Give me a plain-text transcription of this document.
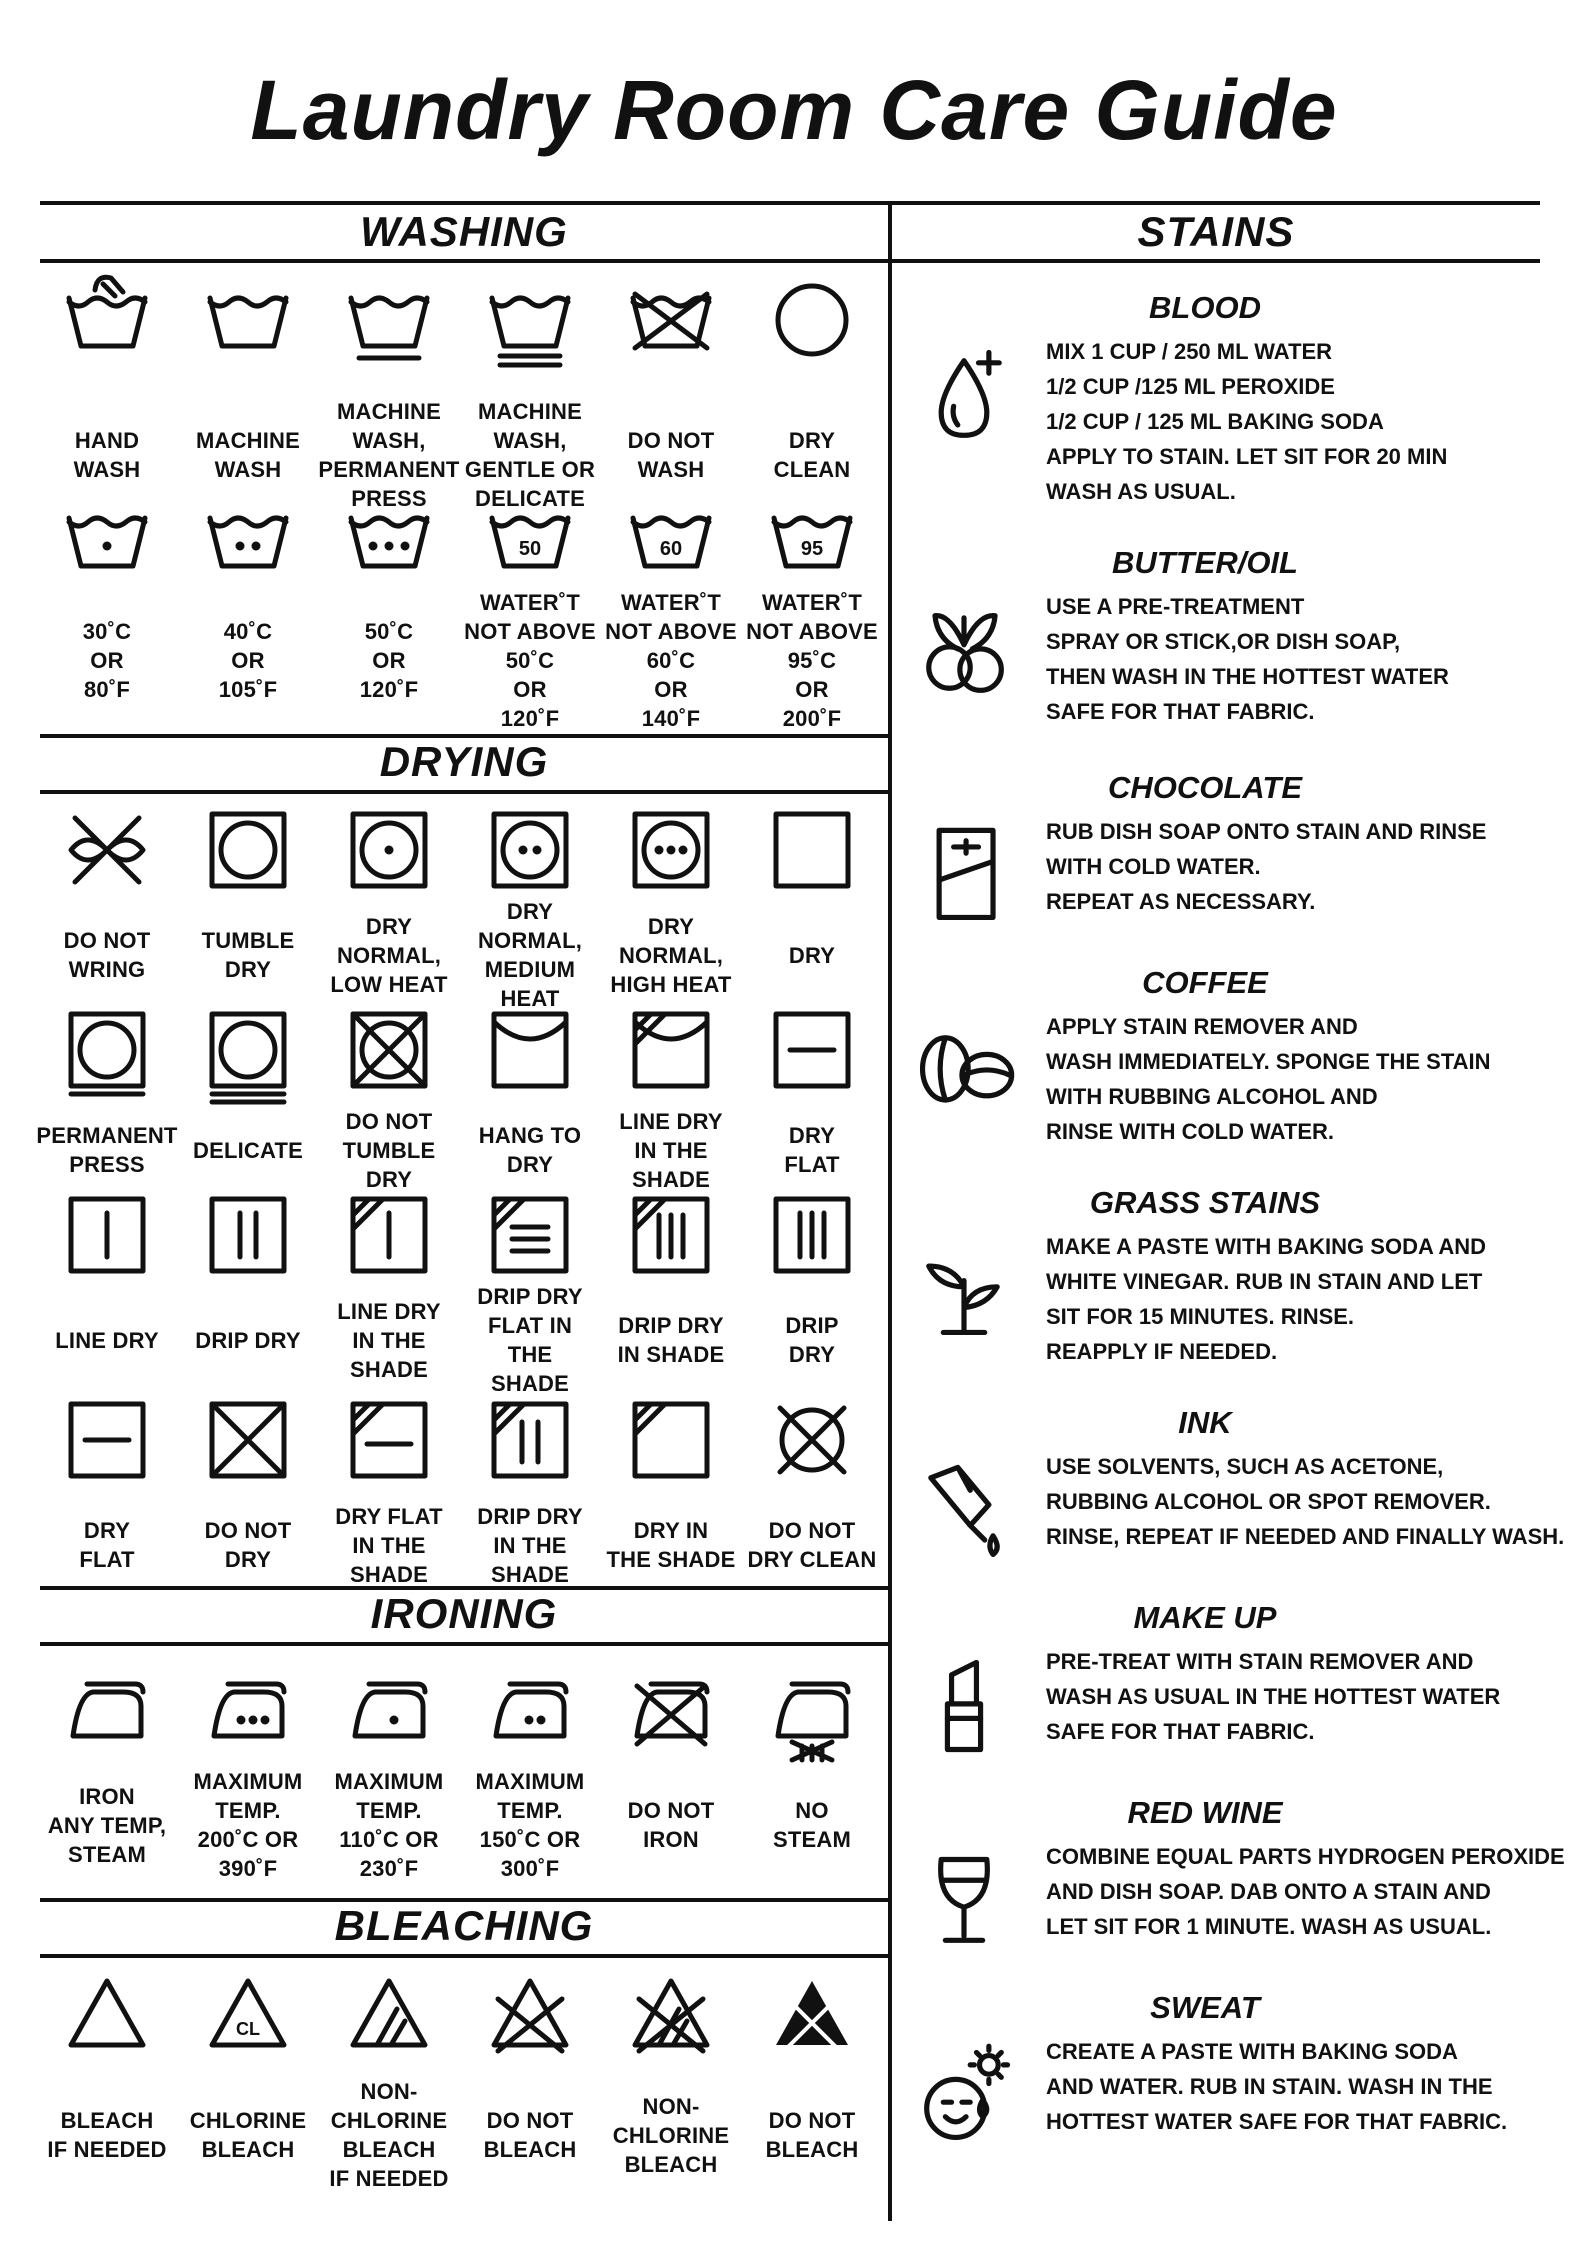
Laundry Room Care Guide
WASHING	STAINS
DRYING
IRONING
BLEACHING
HAND
WASH
MACHINE
WASH
MACHINE
WASH,
PERMANENT
PRESS
MACHINE
WASH,
GENTLE OR
DELICATE
DO NOT
WASH
DRY
CLEAN
30˚C
OR
80˚F
40˚C
OR
105˚F
50˚C
OR
120˚F
50
WATER˚T
NOT ABOVE
50˚C
OR
120˚F
60
WATER˚T
NOT ABOVE
60˚C
OR
140˚F
95
WATER˚T
NOT ABOVE
95˚C
OR
200˚F
DO NOT
WRING
TUMBLE
DRY
DRY
NORMAL,
LOW HEAT
DRY
NORMAL,
MEDIUM
HEAT
DRY
NORMAL,
HIGH HEAT
DRY
PERMANENT
PRESS
DELICATE
DO NOT
TUMBLE
DRY
HANG TO
DRY
LINE DRY
IN THE
SHADE
DRY
FLAT
LINE DRY	DRIP DRY
LINE DRY
IN THE
SHADE
DRIP DRY
FLAT IN
THE
SHADE
DRIP DRY
IN SHADE
DRIP
DRY
DRY
FLAT
DO NOT
DRY
DRY FLAT
IN THE
SHADE
DRIP DRY
IN THE
SHADE
DRY IN
THE SHADE
DO NOT
DRY CLEAN
IRON
ANY TEMP,
STEAM
MAXIMUM
TEMP.
200˚C OR
390˚F
MAXIMUM
TEMP.
110˚C OR
230˚F
MAXIMUM
TEMP.
150˚C OR
300˚F
DO NOT
IRON
NO
STEAM
BLEACH
IF NEEDED
CL
CHLORINE
BLEACH
NON-
CHLORINE
BLEACH
IF NEEDED
DO NOT
BLEACH
NON-
CHLORINE
BLEACH
DO NOT
BLEACH
BLOOD
MIX 1 CUP / 250 ML WATER
1/2 CUP /125 ML PEROXIDE
1/2 CUP / 125 ML BAKING SODA
APPLY TO STAIN. LET SIT FOR 20 MIN
WASH AS USUAL.
BUTTER/OIL
USE A PRE-TREATMENT
SPRAY OR STICK,OR DISH SOAP,
THEN WASH IN THE HOTTEST WATER
SAFE FOR THAT FABRIC.
CHOCOLATE
RUB DISH SOAP ONTO STAIN AND RINSE
WITH COLD WATER.
REPEAT AS NECESSARY.
COFFEE
APPLY STAIN REMOVER AND
WASH IMMEDIATELY. SPONGE THE STAIN
WITH RUBBING ALCOHOL AND
RINSE WITH COLD WATER.
GRASS STAINS
MAKE A PASTE WITH BAKING SODA AND
WHITE VINEGAR. RUB IN STAIN AND LET
SIT FOR 15 MINUTES. RINSE.
REAPPLY IF NEEDED.
INK
USE SOLVENTS, SUCH AS ACETONE,
RUBBING ALCOHOL OR SPOT REMOVER.
RINSE, REPEAT IF NEEDED AND FINALLY WASH.
MAKE UP
PRE-TREAT WITH STAIN REMOVER AND
WASH AS USUAL IN THE HOTTEST WATER
SAFE FOR THAT FABRIC.
RED WINE
COMBINE EQUAL PARTS HYDROGEN PEROXIDE
AND DISH SOAP. DAB ONTO A STAIN AND
LET SIT FOR 1 MINUTE. WASH AS USUAL.
SWEAT
CREATE A PASTE WITH BAKING SODA
AND WATER. RUB IN STAIN. WASH IN THE
HOTTEST WATER SAFE FOR THAT FABRIC.
